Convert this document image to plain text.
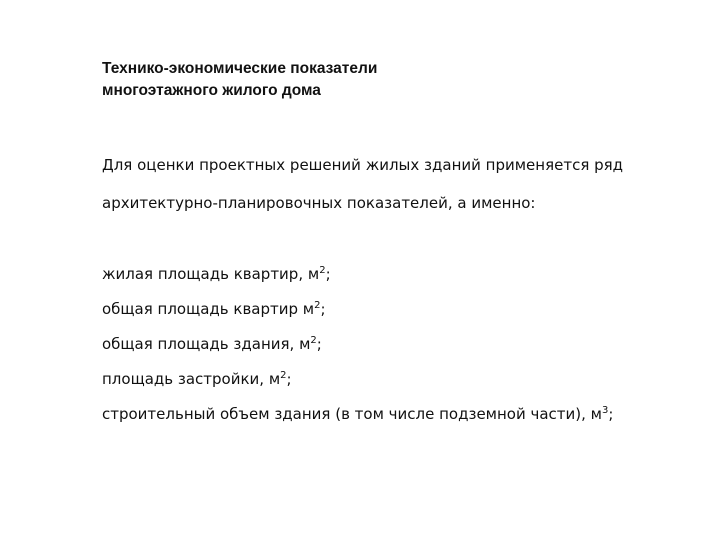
Технико-экономические показатели
многоэтажного жилого дома
Для оценки проектных решений жилых зданий применяется ряд
архитектурно-планировочных показателей, а именно:
жилая площадь квартир, $м^2$;
общая площадь квартир $м^2$;
общая площадь здания, $м^2$;
площадь застройки, $м^2$;
строительный объем здания (в том числе подземной части), $м^3$;
